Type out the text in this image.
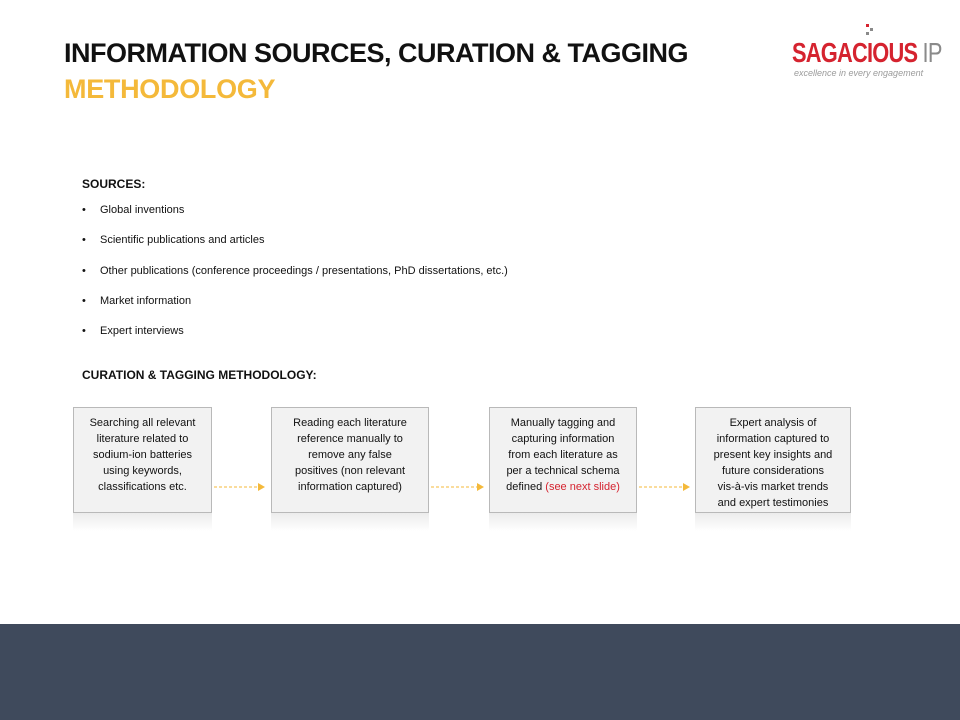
INFORMATION SOURCES, CURATION & TAGGING
METHODOLOGY
SAGACIOUS IP
excellence in every engagement
SOURCES:
• Global inventions
• Scientific publications and articles
• Other publications (conference proceedings / presentations, PhD dissertations, etc.)
• Market information
• Expert interviews
CURATION & TAGGING METHODOLOGY:
Searching all relevant
literature related to
sodium-ion batteries
using keywords,
classifications etc.
Reading each literature
reference manually to
remove any false
positives (non relevant
information captured)
Manually tagging and
capturing information
from each literature as
per a technical schema
defined (see next slide)
Expert analysis of
information captured to
present key insights and
future considerations
vis-à-vis market trends
and expert testimonies
